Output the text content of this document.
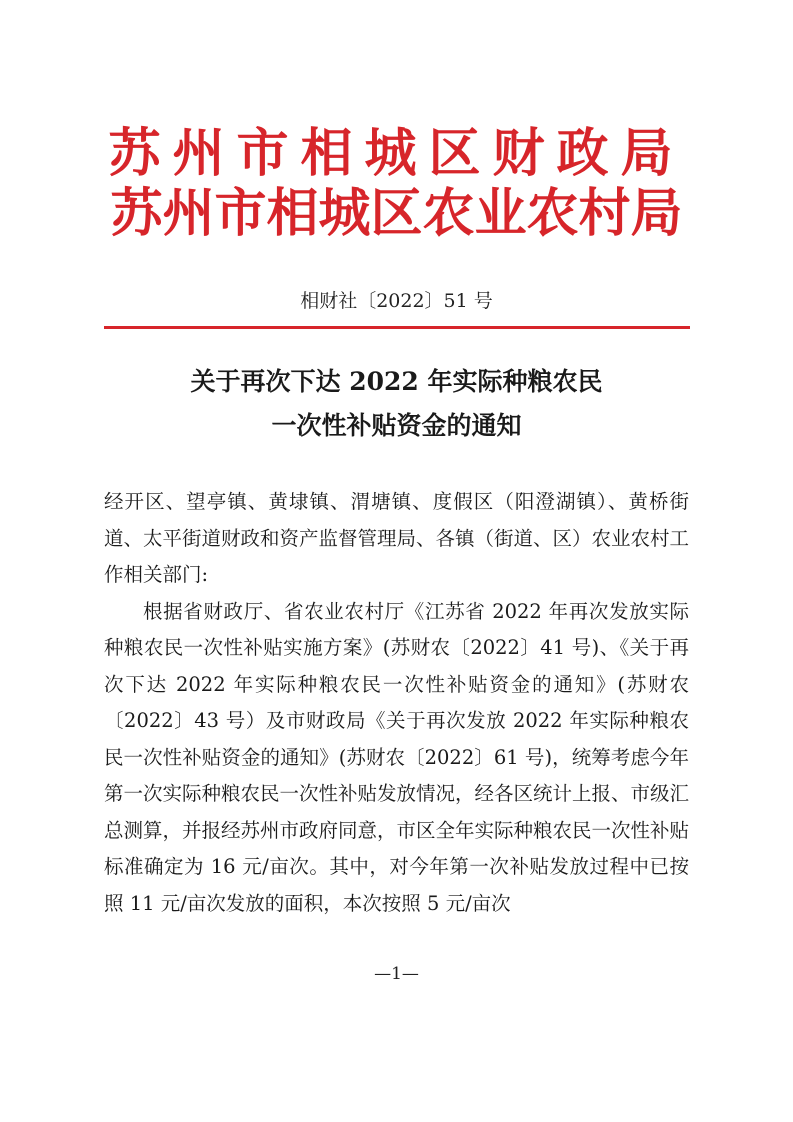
苏州市相城区财政局
苏州市相城区农业农村局
相财社〔2022〕51 号
关于再次下达 2022 年实际种粮农民
一次性补贴资金的通知

经开区、望亭镇、黄埭镇、渭塘镇、度假区（阳澄湖镇）、黄桥街道、太平街道财政和资产监督管理局、各镇（街道、区）农业农村工作相关部门:

根据省财政厅、省农业农村厅《江苏省 2022 年再次发放实际种粮农民一次性补贴实施方案》(苏财农〔2022〕41 号)、《关于再次下达 2022 年实际种粮农民一次性补贴资金的通知》(苏财农〔2022〕43 号）及市财政局《关于再次发放 2022 年实际种粮农民一次性补贴资金的通知》(苏财农〔2022〕61 号)，统筹考虑今年第一次实际种粮农民一次性补贴发放情况，经各区统计上报、市级汇总测算，并报经苏州市政府同意，市区全年实际种粮农民一次性补贴标准确定为 16 元/亩次。其中，对今年第一次补贴发放过程中已按照 11 元/亩次发放的面积，本次按照 5 元/亩次

—1—
